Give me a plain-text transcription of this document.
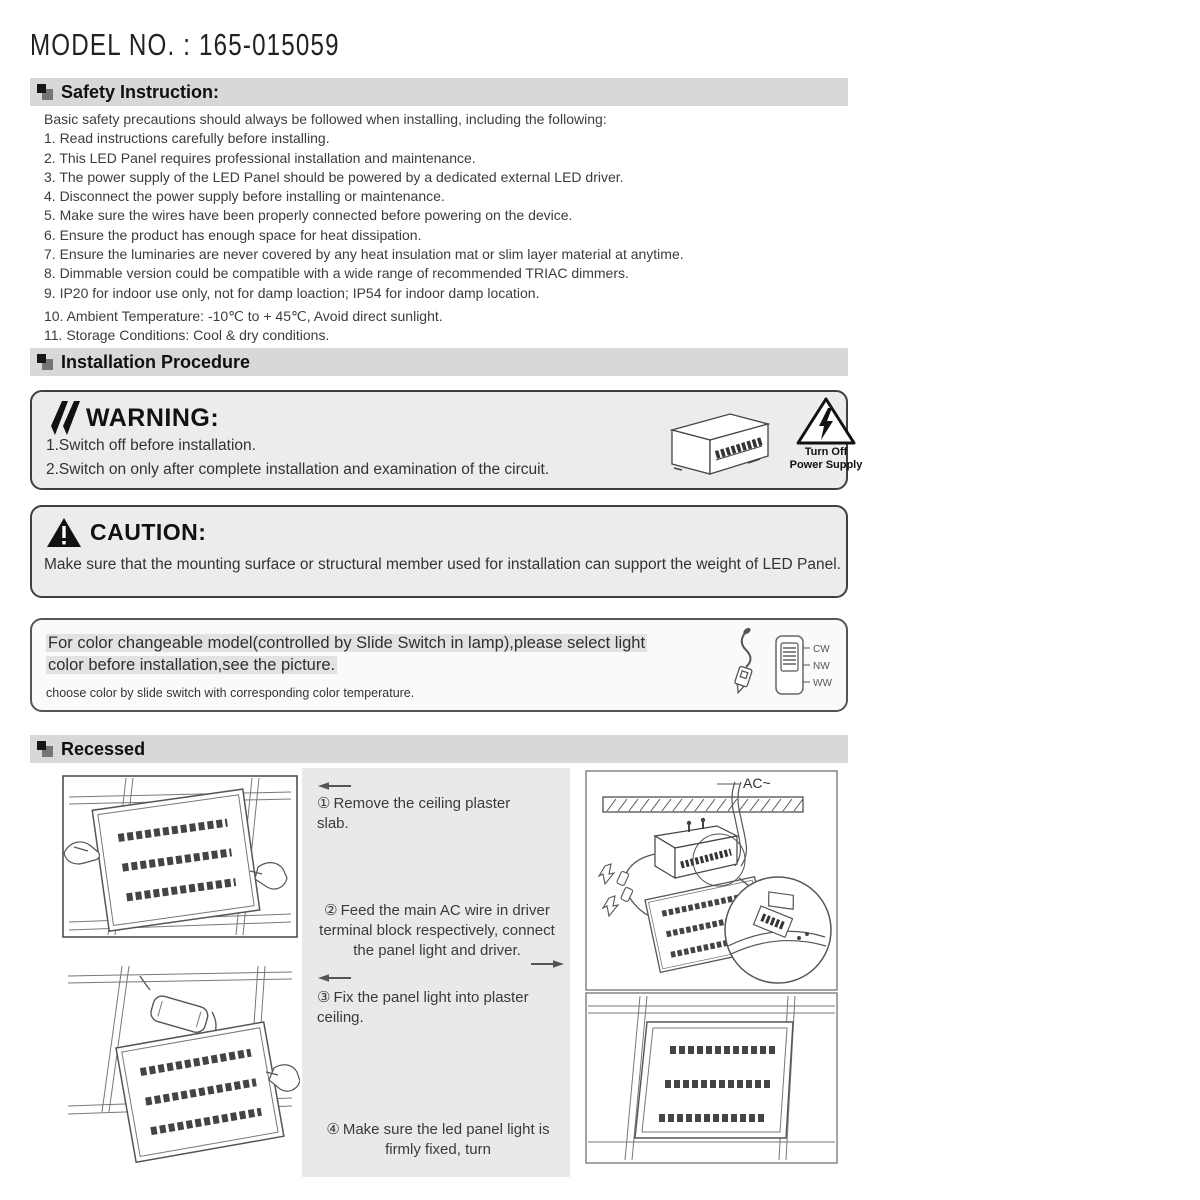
MODEL NO. : 165-015059
Safety Instruction:
Basic safety precautions should always be followed when installing, including the following:
1. Read instructions carefully before installing.
2. This LED Panel requires professional installation and maintenance.
3. The power supply of the LED Panel should be powered by a dedicated external LED driver.
4. Disconnect the power supply before installing or maintenance.
5. Make sure the wires have been properly connected before powering on the device.
6. Ensure the product has enough space for heat dissipation.
7. Ensure the luminaries are never covered by any heat insulation mat or slim layer material at anytime.
8. Dimmable version could be compatible with a wide range of recommended TRIAC dimmers.
9. IP20 for indoor use only, not for damp loaction; IP54 for indoor damp location.
10. Ambient Temperature: -10℃ to + 45℃, Avoid direct sunlight.
11. Storage Conditions: Cool & dry conditions.
Installation Procedure
WARNING:
1.Switch off before installation.
2.Switch on only after complete installation and examination of the circuit.
Turn Off
Power Supply
CAUTION:
Make sure that the mounting surface or structural member used for installation can support the weight of LED Panel.
For color changeable model(controlled by Slide Switch in lamp),please select light
color before installation,see the picture.
choose color by slide switch with corresponding color temperature.
CW
NW
WW
Recessed
① Remove the ceiling plaster slab.
② Feed the main AC wire in driver terminal block respectively, connect the panel light and driver.
③ Fix the panel light into plaster ceiling.
④ Make sure the led panel light is firmly fixed, turn
AC~
